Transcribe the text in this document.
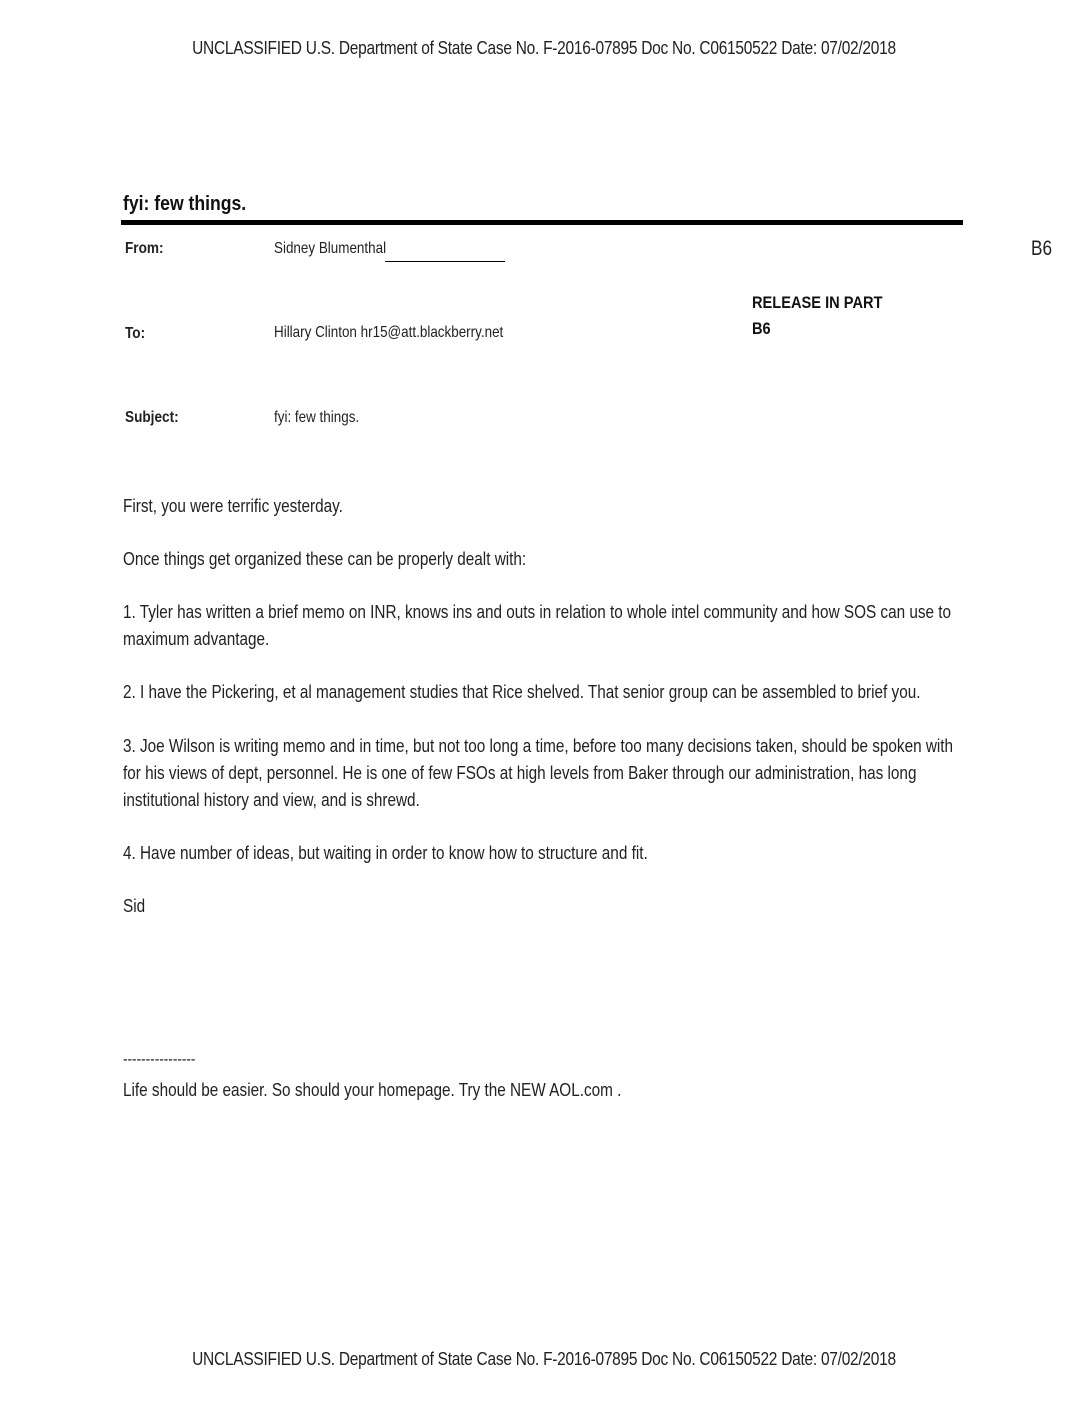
UNCLASSIFIED U.S. Department of State Case No. F-2016-07895 Doc No. C06150522 Date: 07/02/2018
fyi: few things.
From:	Sidney Blumenthal	B6
RELEASE IN PART
B6
To:	Hillary Clinton hr15@att.blackberry.net
Subject:	fyi: few things.

First, you were terrific yesterday.

Once things get organized these can be properly dealt with:

1. Tyler has written a brief memo on INR, knows ins and outs in relation to whole intel community and how SOS can use to maximum advantage.

2. I have the Pickering, et al management studies that Rice shelved. That senior group can be assembled to brief you.

3. Joe Wilson is writing memo and in time, but not too long a time, before too many decisions taken, should be spoken with for his views of dept, personnel. He is one of few FSOs at high levels from Baker through our administration, has long institutional history and view, and is shrewd.

4. Have number of ideas, but waiting in order to know how to structure and fit.

Sid

----------------

Life should be easier. So should your homepage. Try the NEW AOL.com .

UNCLASSIFIED U.S. Department of State Case No. F-2016-07895 Doc No. C06150522 Date: 07/02/2018
